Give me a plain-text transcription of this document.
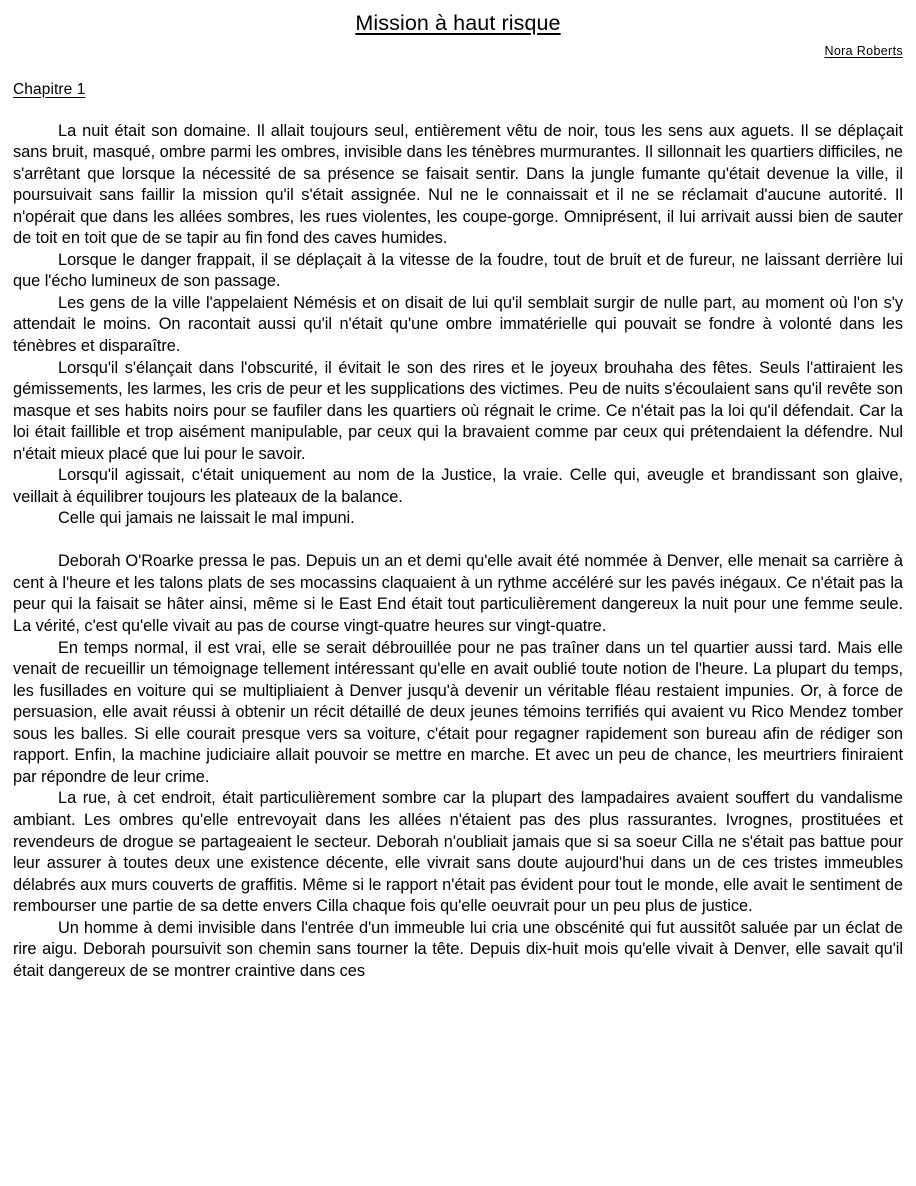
Mission à haut risque
Nora Roberts
Chapitre 1

La nuit était son domaine. Il allait toujours seul, entièrement vêtu de noir, tous les sens aux aguets. Il se déplaçait sans bruit, masqué, ombre parmi les ombres, invisible dans les ténèbres murmurantes. Il sillonnait les quartiers difficiles, ne s'arrêtant que lorsque la nécessité de sa présence se faisait sentir. Dans la jungle fumante qu'était devenue la ville, il poursuivait sans faillir la mission qu'il s'était assignée. Nul ne le connaissait et il ne se réclamait d'aucune autorité. Il n'opérait que dans les allées sombres, les rues violentes, les coupe-gorge. Omniprésent, il lui arrivait aussi bien de sauter de toit en toit que de se tapir au fin fond des caves humides.

Lorsque le danger frappait, il se déplaçait à la vitesse de la foudre, tout de bruit et de fureur, ne laissant derrière lui que l'écho lumineux de son passage.

Les gens de la ville l'appelaient Némésis et on disait de lui qu'il semblait surgir de nulle part, au moment où l'on s'y attendait le moins. On racontait aussi qu'il n'était qu'une ombre immatérielle qui pouvait se fondre à volonté dans les ténèbres et disparaître.

Lorsqu'il s'élançait dans l'obscurité, il évitait le son des rires et le joyeux brouhaha des fêtes. Seuls l'attiraient les gémissements, les larmes, les cris de peur et les supplications des victimes. Peu de nuits s'écoulaient sans qu'il revête son masque et ses habits noirs pour se faufiler dans les quartiers où régnait le crime. Ce n'était pas la loi qu'il défendait. Car la loi était faillible et trop aisément manipulable, par ceux qui la bravaient comme par ceux qui prétendaient la défendre. Nul n'était mieux placé que lui pour le savoir.

Lorsqu'il agissait, c'était uniquement au nom de la Justice, la vraie. Celle qui, aveugle et brandissant son glaive, veillait à équilibrer toujours les plateaux de la balance.

Celle qui jamais ne laissait le mal impuni.

Deborah O'Roarke pressa le pas. Depuis un an et demi qu'elle avait été nommée à Denver, elle menait sa carrière à cent à l'heure et les talons plats de ses mocassins claquaient à un rythme accéléré sur les pavés inégaux. Ce n'était pas la peur qui la faisait se hâter ainsi, même si le East End était tout particulièrement dangereux la nuit pour une femme seule. La vérité, c'est qu'elle vivait au pas de course vingt-quatre heures sur vingt-quatre.

En temps normal, il est vrai, elle se serait débrouillée pour ne pas traîner dans un tel quartier aussi tard. Mais elle venait de recueillir un témoignage tellement intéressant qu'elle en avait oublié toute notion de l'heure. La plupart du temps, les fusillades en voiture qui se multipliaient à Denver jusqu'à devenir un véritable fléau restaient impunies. Or, à force de persuasion, elle avait réussi à obtenir un récit détaillé de deux jeunes témoins terrifiés qui avaient vu Rico Mendez tomber sous les balles. Si elle courait presque vers sa voiture, c'était pour regagner rapidement son bureau afin de rédiger son rapport. Enfin, la machine judiciaire allait pouvoir se mettre en marche. Et avec un peu de chance, les meurtriers finiraient par répondre de leur crime.

La rue, à cet endroit, était particulièrement sombre car la plupart des lampadaires avaient souffert du vandalisme ambiant. Les ombres qu'elle entrevoyait dans les allées n'étaient pas des plus rassurantes. Ivrognes, prostituées et revendeurs de drogue se partageaient le secteur. Deborah n'oubliait jamais que si sa soeur Cilla ne s'était pas battue pour leur assurer à toutes deux une existence décente, elle vivrait sans doute aujourd'hui dans un de ces tristes immeubles délabrés aux murs couverts de graffitis. Même si le rapport n'était pas évident pour tout le monde, elle avait le sentiment de rembourser une partie de sa dette envers Cilla chaque fois qu'elle oeuvrait pour un peu plus de justice.

Un homme à demi invisible dans l'entrée d'un immeuble lui cria une obscénité qui fut aussitôt saluée par un éclat de rire aigu. Deborah poursuivit son chemin sans tourner la tête. Depuis dix-huit mois qu'elle vivait à Denver, elle savait qu'il était dangereux de se montrer craintive dans ces
